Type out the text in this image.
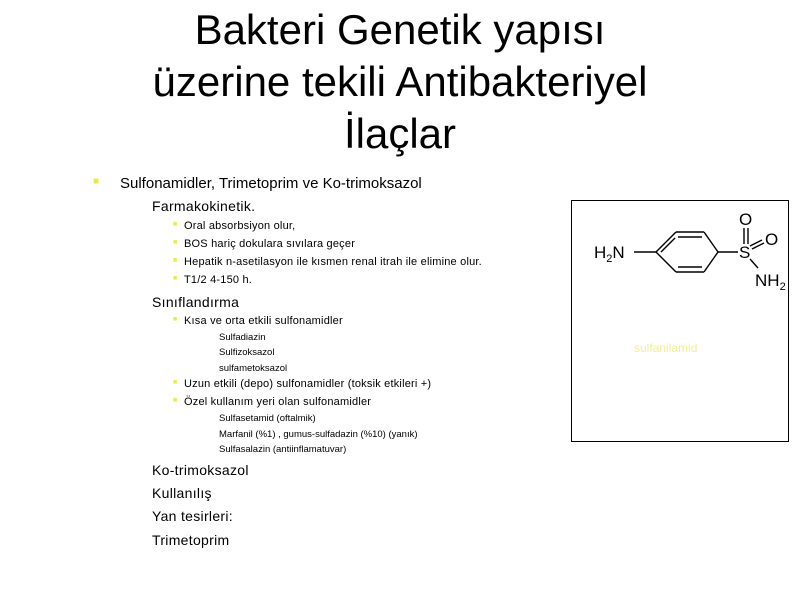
Bakteri Genetik yapısı
üzerine tekili Antibakteriyel
İlaçlar
■ Sulfonamidler, Trimetoprim ve Ko-trimoksazol
Farmakokinetik.
■ Oral absorbsiyon olur,
■ BOS hariç dokulara sıvılara geçer
■ Hepatik n-asetilasyon ile kısmen renal itrah ile elimine olur.
■ T1/2 4-150 h.
Sınıflandırma
■ Kısa ve orta etkili sulfonamidler
Sulfadiazin
Sulfizoksazol
sulfametoksazol
■ Uzun etkili (depo) sulfonamidler (toksik etkileri +)
■ Özel kullanım yeri olan sulfonamidler
Sulfasetamid (oftalmik)
Marfanil (%1) , gumus-sulfadazin (%10) (yanık)
Sulfasalazin (antiinflamatuvar)
Ko-trimoksazol
Kullanılış
Yan tesirleri:
Trimetoprim
$H_2N$	S
O
O
$NH_2$
sulfanilamid
